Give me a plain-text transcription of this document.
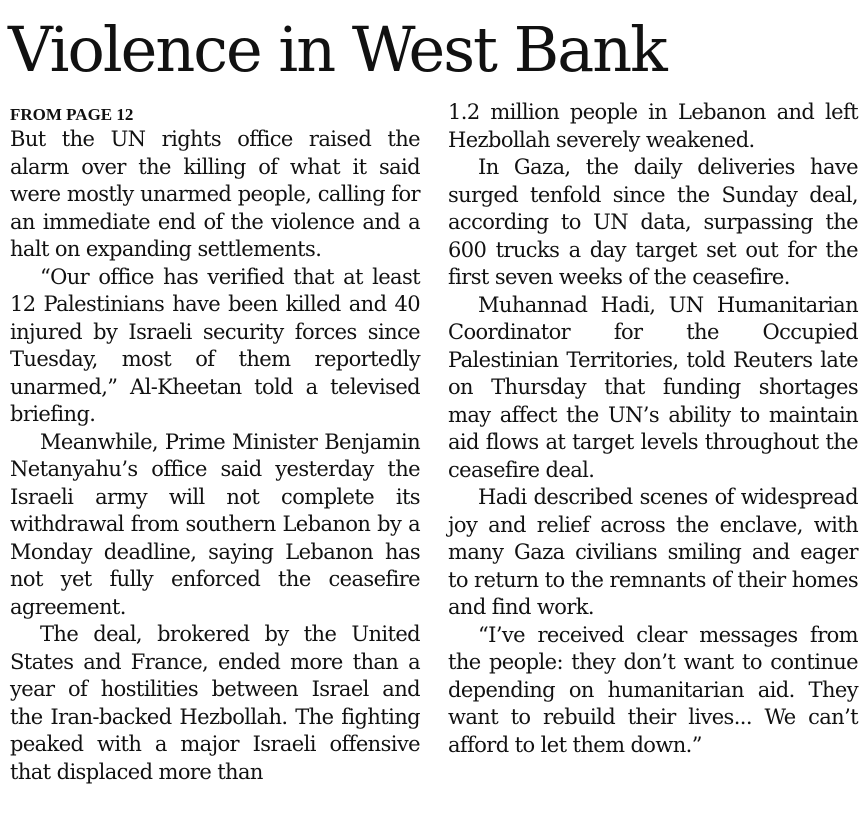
Violence in West Bank
FROM PAGE 12

But the UN rights office raised the alarm over the killing of what it said were mostly unarmed people, calling for an immediate end of the violence and a halt on expanding settlements.

“Our office has verified that at least 12 Palestinians have been killed and 40 injured by Israeli security forces since Tuesday, most of them reportedly unarmed,” Al-Kheetan told a televised briefing.

Meanwhile, Prime Minister Benjamin Netanyahu’s office said yesterday the Israeli army will not complete its withdrawal from southern Lebanon by a Monday deadline, saying Lebanon has not yet fully enforced the ceasefire agreement.

The deal, brokered by the United States and France, ended more than a year of hostilities between Israel and the Iran-backed Hezbollah. The fighting peaked with a major Israeli offensive that displaced more than

1.2 million people in Lebanon and left Hezbollah severely weakened.

In Gaza, the daily deliveries have surged tenfold since the Sunday deal, according to UN data, surpassing the 600 trucks a day target set out for the first seven weeks of the ceasefire.

Muhannad Hadi, UN Humanitarian Coordinator for the Occupied Palestinian Territories, told Reuters late on Thursday that funding shortages may affect the UN’s ability to maintain aid flows at target levels throughout the ceasefire deal.

Hadi described scenes of widespread joy and relief across the enclave, with many Gaza civilians smiling and eager to return to the remnants of their homes and find work.

“I’ve received clear messages from the people: they don’t want to continue depending on humanitarian aid. They want to rebuild their lives... We can’t afford to let them down.”
